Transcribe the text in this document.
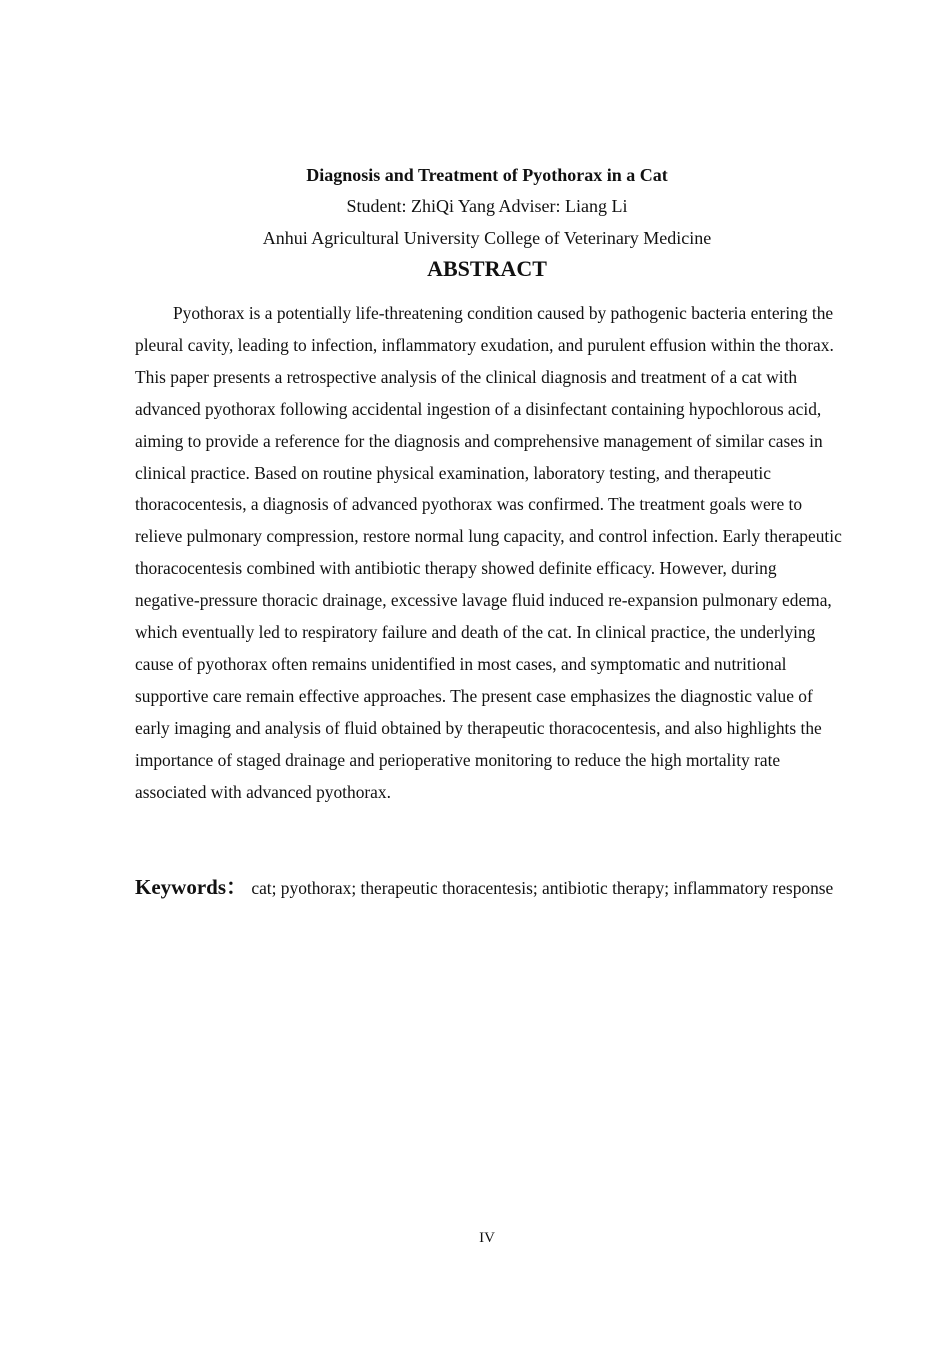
Diagnosis and Treatment of Pyothorax in a Cat
Student: ZhiQi Yang Adviser: Liang Li
Anhui Agricultural University College of Veterinary Medicine
ABSTRACT

Pyothorax is a potentially life-threatening condition caused by pathogenic bacteria entering the pleural cavity, leading to infection, inflammatory exudation, and purulent effusion within the thorax. This paper presents a retrospective analysis of the clinical diagnosis and treatment of a cat with advanced pyothorax following accidental ingestion of a disinfectant containing hypochlorous acid, aiming to provide a reference for the diagnosis and comprehensive management of similar cases in clinical practice. Based on routine physical examination, laboratory testing, and therapeutic thoracocentesis, a diagnosis of advanced pyothorax was confirmed. The treatment goals were to relieve pulmonary compression, restore normal lung capacity, and control infection. Early therapeutic thoracocentesis combined with antibiotic therapy showed definite efficacy. However, during negative-pressure thoracic drainage, excessive lavage fluid induced re-expansion pulmonary edema, which eventually led to respiratory failure and death of the cat. In clinical practice, the underlying cause of pyothorax often remains unidentified in most cases, and symptomatic and nutritional supportive care remain effective approaches. The present case emphasizes the diagnostic value of early imaging and analysis of fluid obtained by therapeutic thoracocentesis, and also highlights the importance of staged drainage and perioperative monitoring to reduce the high mortality rate associated with advanced pyothorax.

Keywords： cat; pyothorax; therapeutic thoracentesis; antibiotic therapy; inflammatory response

IV
